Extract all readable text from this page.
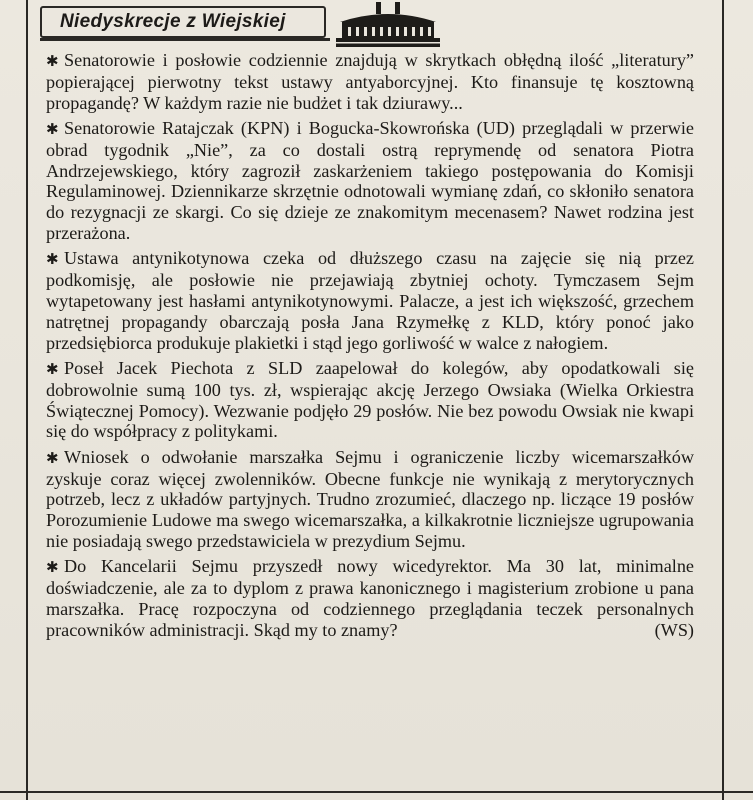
Niedyskrecje z Wiejskiej

✱ Senatorowie i posłowie codziennie znajdują w skrytkach obłędną ilość „literatury” popierającej pierwotny tekst ustawy antyaborcyjnej. Kto finansuje tę kosztowną propagandę? W każdym razie nie budżet i tak dziurawy...

✱ Senatorowie Ratajczak (KPN) i Bogucka-Skowrońska (UD) przeglądali w przerwie obrad tygodnik „Nie”, za co dostali ostrą reprymendę od senatora Piotra Andrzejewskiego, który zagroził zaskarżeniem takiego postępowania do Komisji Regulaminowej. Dziennikarze skrzętnie odnotowali wymianę zdań, co skłoniło senatora do rezygnacji ze skargi. Co się dzieje ze znakomitym mecenasem? Nawet rodzina jest przerażona.

✱ Ustawa antynikotynowa czeka od dłuższego czasu na zajęcie się nią przez podkomisję, ale posłowie nie przejawiają zbytniej ochoty. Tymczasem Sejm wytapetowany jest hasłami antynikotynowymi. Palacze, a jest ich większość, grzechem natrętnej propagandy obarczają posła Jana Rzymełkę z KLD, który ponoć jako przedsiębiorca produkuje plakietki i stąd jego gorliwość w walce z nałogiem.

✱ Poseł Jacek Piechota z SLD zaapelował do kolegów, aby opodatkowali się dobrowolnie sumą 100 tys. zł, wspierając akcję Jerzego Owsiaka (Wielka Orkiestra Świątecznej Pomocy). Wezwanie podjęło 29 posłów. Nie bez powodu Owsiak nie kwapi się do współpracy z politykami.

✱ Wniosek o odwołanie marszałka Sejmu i ograniczenie liczby wicemarszałków zyskuje coraz więcej zwolenników. Obecne funkcje nie wynikają z merytorycznych potrzeb, lecz z układów partyjnych. Trudno zrozumieć, dlaczego np. liczące 19 posłów Porozumienie Ludowe ma swego wicemarszałka, a kilkakrotnie liczniejsze ugrupowania nie posiadają swego przedstawiciela w prezydium Sejmu.

✱ Do Kancelarii Sejmu przyszedł nowy wicedyrektor. Ma 30 lat, minimalne doświadczenie, ale za to dyplom z prawa kanonicznego i magisterium zrobione u pana marszałka. Pracę rozpoczyna od codziennego przeglądania teczek personalnych pracowników administracji. Skąd my to znamy?	(WS)
